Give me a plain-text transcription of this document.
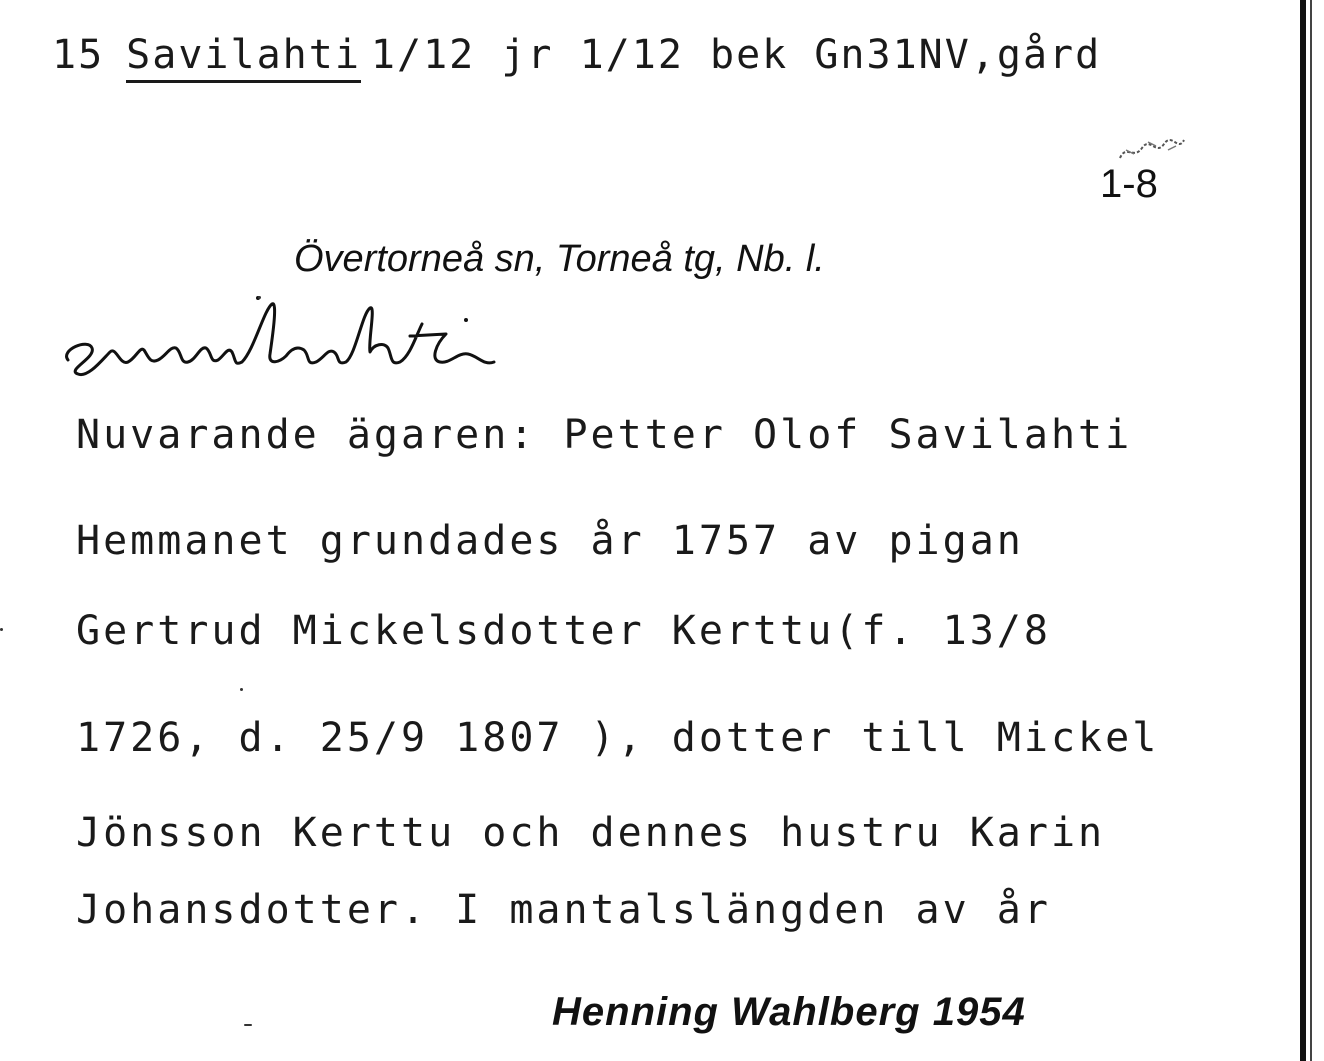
15 Savilahti 1/12 jr 1/12 bek Gn31NV,gård
1-8
Övertorneå sn, Torneå tg, Nb. l.
Nuvarande ägaren: Petter Olof Savilahti
Hemmanet grundades år 1757 av pigan
Gertrud Mickelsdotter Kerttu(f. 13/8
1726, d. 25/9 1807 ), dotter till Mickel
Jönsson Kerttu och dennes hustru Karin
Johansdotter. I mantalslängden av år
Henning Wahlberg 1954
